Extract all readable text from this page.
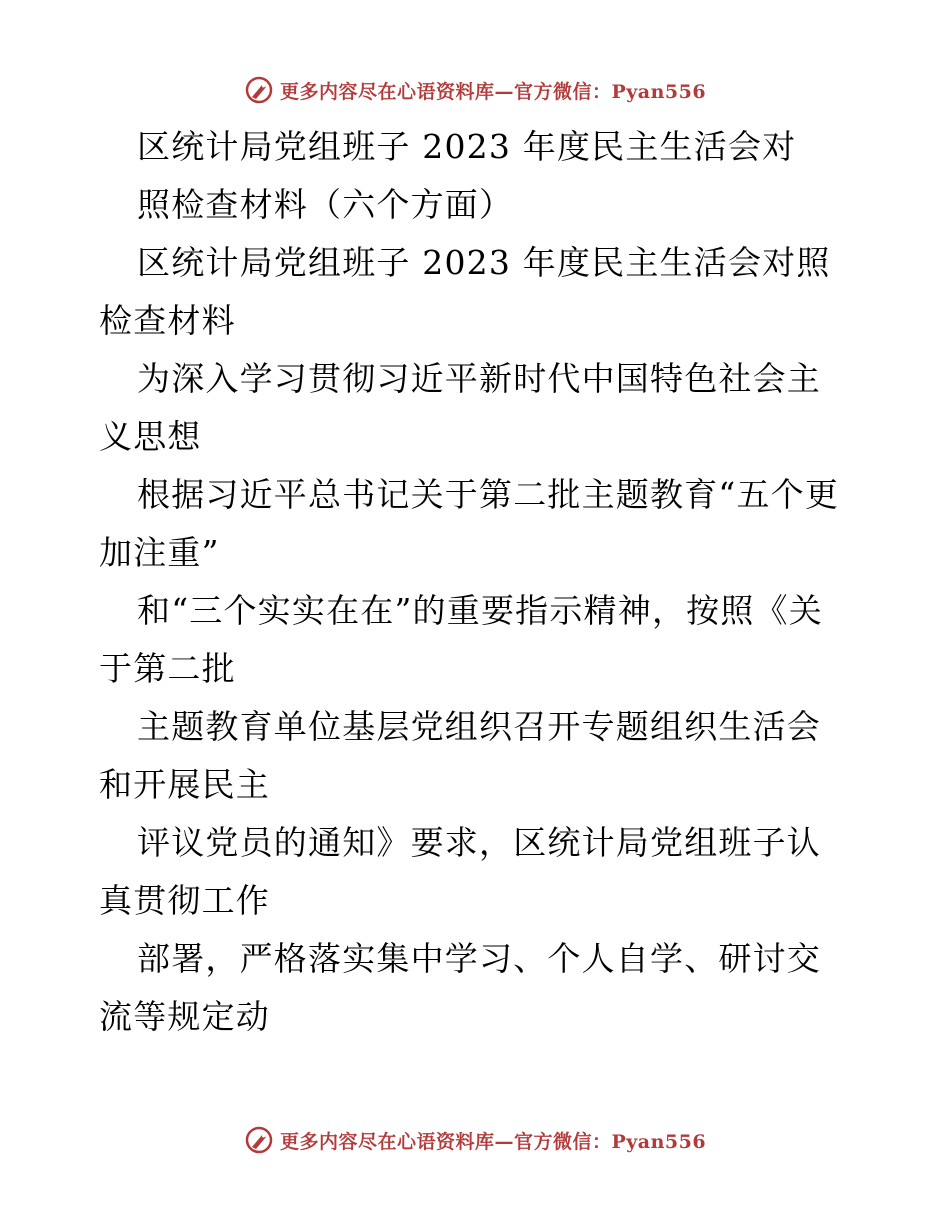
更多内容尽在心语资料库—官方微信：Pyan556

区统计局党组班子 2023 年度民主生活会对

照检查材料（六个方面）

区统计局党组班子 2023 年度民主生活会对照检查材料

为深入学习贯彻习近平新时代中国特色社会主义思想

根据习近平总书记关于第二批主题教育“五个更加注重”

和“三个实实在在”的重要指示精神，按照《关于第二批

主题教育单位基层党组织召开专题组织生活会和开展民主

评议党员的通知》要求，区统计局党组班子认真贯彻工作

部署，严格落实集中学习、个人自学、研讨交流等规定动

更多内容尽在心语资料库—官方微信：Pyan556
